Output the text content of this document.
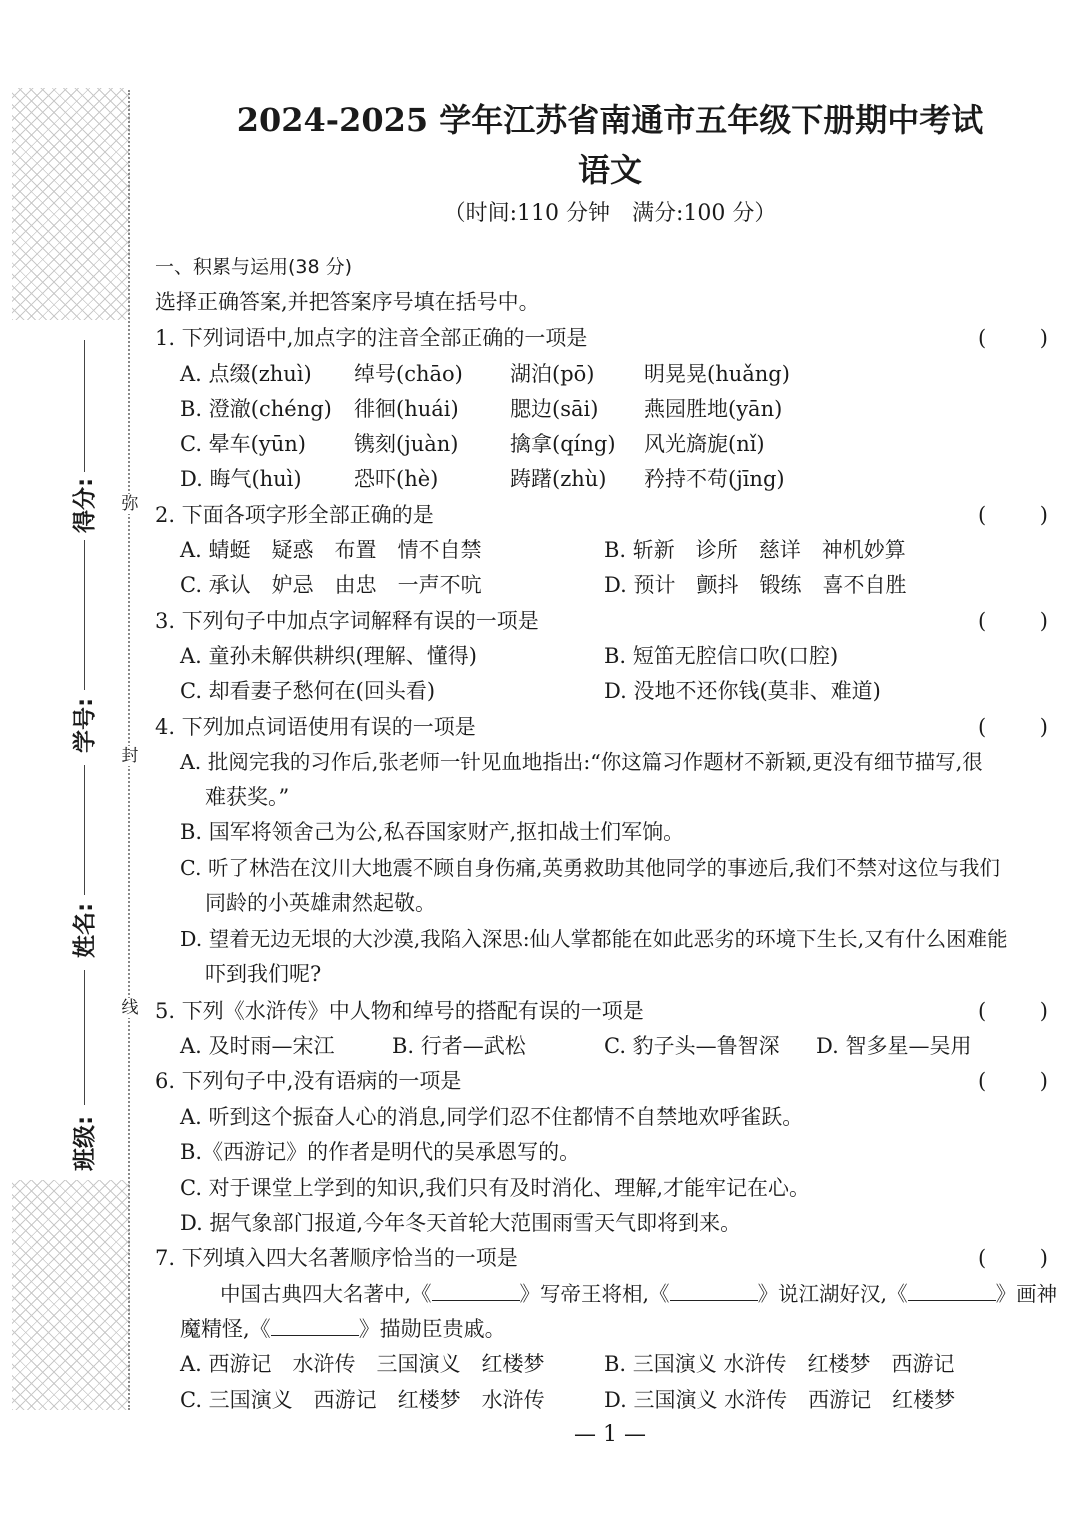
弥
封
线
得分:
学号:
姓名:
班级:
2024-2025 学年江苏省南通市五年级下册期中考试
语文
（时间:110 分钟　满分:100 分）
一、积累与运用(38 分)
选择正确答案,并把答案序号填在括号中。
1. 下列词语中,加点字的注音全部正确的一项是	(	)
A. 点缀(zhuì) 绰号(chāo) 湖泊(pō) 明晃晃(huǎng)
B. 澄澈(chéng) 徘徊(huái) 腮边(sāi) 燕园胜地(yān)
C. 晕车(yūn) 镌刻(juàn) 擒拿(qíng) 风光旖旎(nǐ)
D. 晦气(huì) 恐吓(hè)	踌躇(zhù) 矜持不苟(jīng)
2. 下面各项字形全部正确的是	(	)
A. 蜻蜓　疑惑　布置　情不自禁	B. 斩新　诊所　慈详　神机妙算
C. 承认　妒忌　由忠　一声不吭	D. 预计　颤抖　锻练　喜不自胜
3. 下列句子中加点字词解释有误的一项是	(	)
A. 童孙未解供耕织(理解、懂得)	B. 短笛无腔信口吹(口腔)
C. 却看妻子愁何在(回头看)	D. 没地不还你钱(莫非、难道)
4. 下列加点词语使用有误的一项是	(	)
A. 批阅完我的习作后,张老师一针见血地指出:“你这篇习作题材不新颖,更没有细节描写,很
难获奖。”
B. 国军将领舍己为公,私吞国家财产,抠扣战士们军饷。
C. 听了林浩在汶川大地震不顾自身伤痛,英勇救助其他同学的事迹后,我们不禁对这位与我们
同龄的小英雄肃然起敬。
D. 望着无边无垠的大沙漠,我陷入深思:仙人掌都能在如此恶劣的环境下生长,又有什么困难能
吓到我们呢?
5. 下列《水浒传》中人物和绰号的搭配有误的一项是	(	)
A. 及时雨—宋江	B. 行者—武松	C. 豹子头—鲁智深 D. 智多星—吴用
6. 下列句子中,没有语病的一项是	(	)
A. 听到这个振奋人心的消息,同学们忍不住都情不自禁地欢呼雀跃。
B.《西游记》的作者是明代的吴承恩写的。
C. 对于课堂上学到的知识,我们只有及时消化、理解,才能牢记在心。
D. 据气象部门报道,今年冬天首轮大范围雨雪天气即将到来。
7. 下列填入四大名著顺序恰当的一项是	(	)
中国古典四大名著中,《	》写帝王将相,《	》说江湖好汉,《	》画神
魔精怪,《	》描勋臣贵戚。
A. 西游记　水浒传　三国演义　红楼梦	B. 三国演义 水浒传　红楼梦　西游记
C. 三国演义　西游记　红楼梦　水浒传	D. 三国演义 水浒传　西游记　红楼梦
— 1 —
